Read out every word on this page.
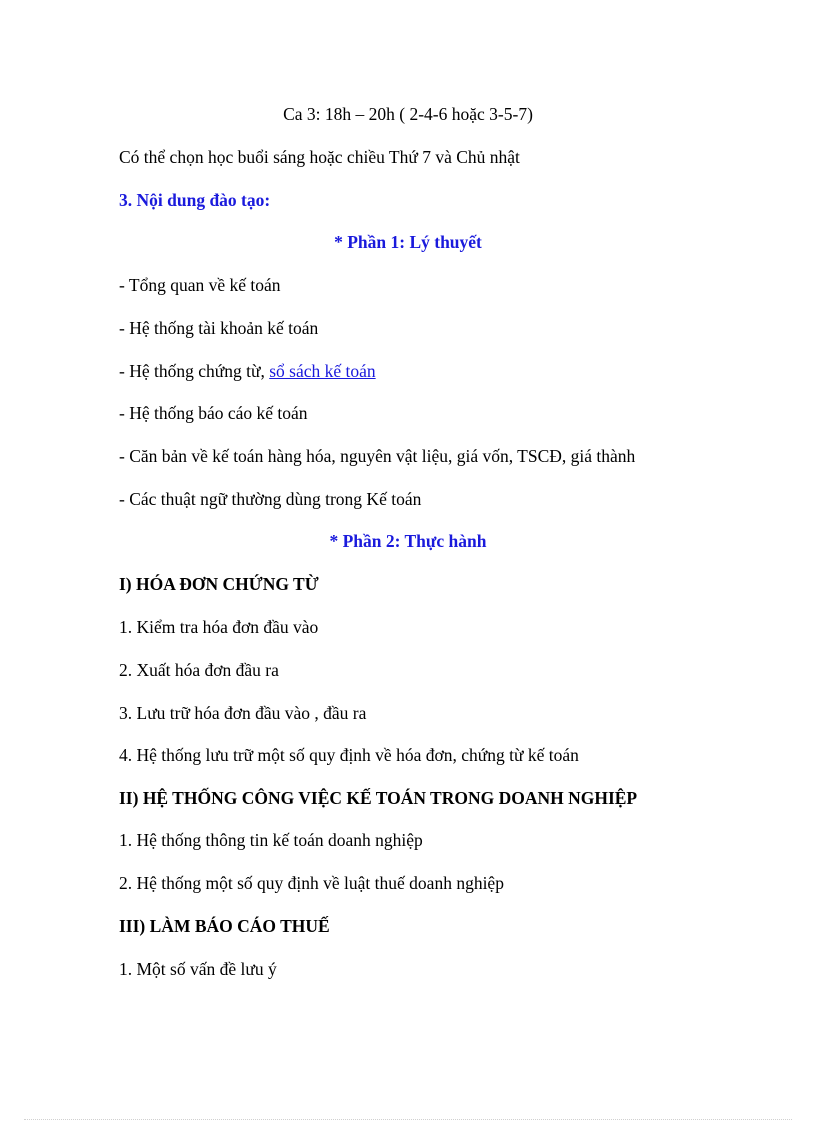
Ca 3: 18h – 20h ( 2-4-6 hoặc 3-5-7)
Có thể chọn học buổi sáng hoặc chiều Thứ 7 và Chủ nhật
3. Nội dung đào tạo:
* Phần 1: Lý thuyết
- Tổng quan về kế toán
- Hệ thống tài khoản kế toán
- Hệ thống chứng từ, sổ sách kế toán
- Hệ thống báo cáo kế toán
- Căn bản về kế toán hàng hóa, nguyên vật liệu, giá vốn, TSCĐ, giá thành
- Các thuật ngữ thường dùng trong Kế toán
* Phần 2: Thực hành
I) HÓA ĐƠN CHỨNG TỪ
1. Kiểm tra hóa đơn đầu vào
2. Xuất hóa đơn đầu ra
3. Lưu trữ hóa đơn đầu vào , đầu ra
4. Hệ thống lưu trữ một số quy định về hóa đơn, chứng từ kế toán
II) HỆ THỐNG CÔNG VIỆC KẾ TOÁN TRONG DOANH NGHIỆP
1. Hệ thống thông tin kế toán doanh nghiệp
2. Hệ thống một số quy định về luật thuế doanh nghiệp
III) LÀM BÁO CÁO THUẾ
1. Một số vấn đề lưu ý
